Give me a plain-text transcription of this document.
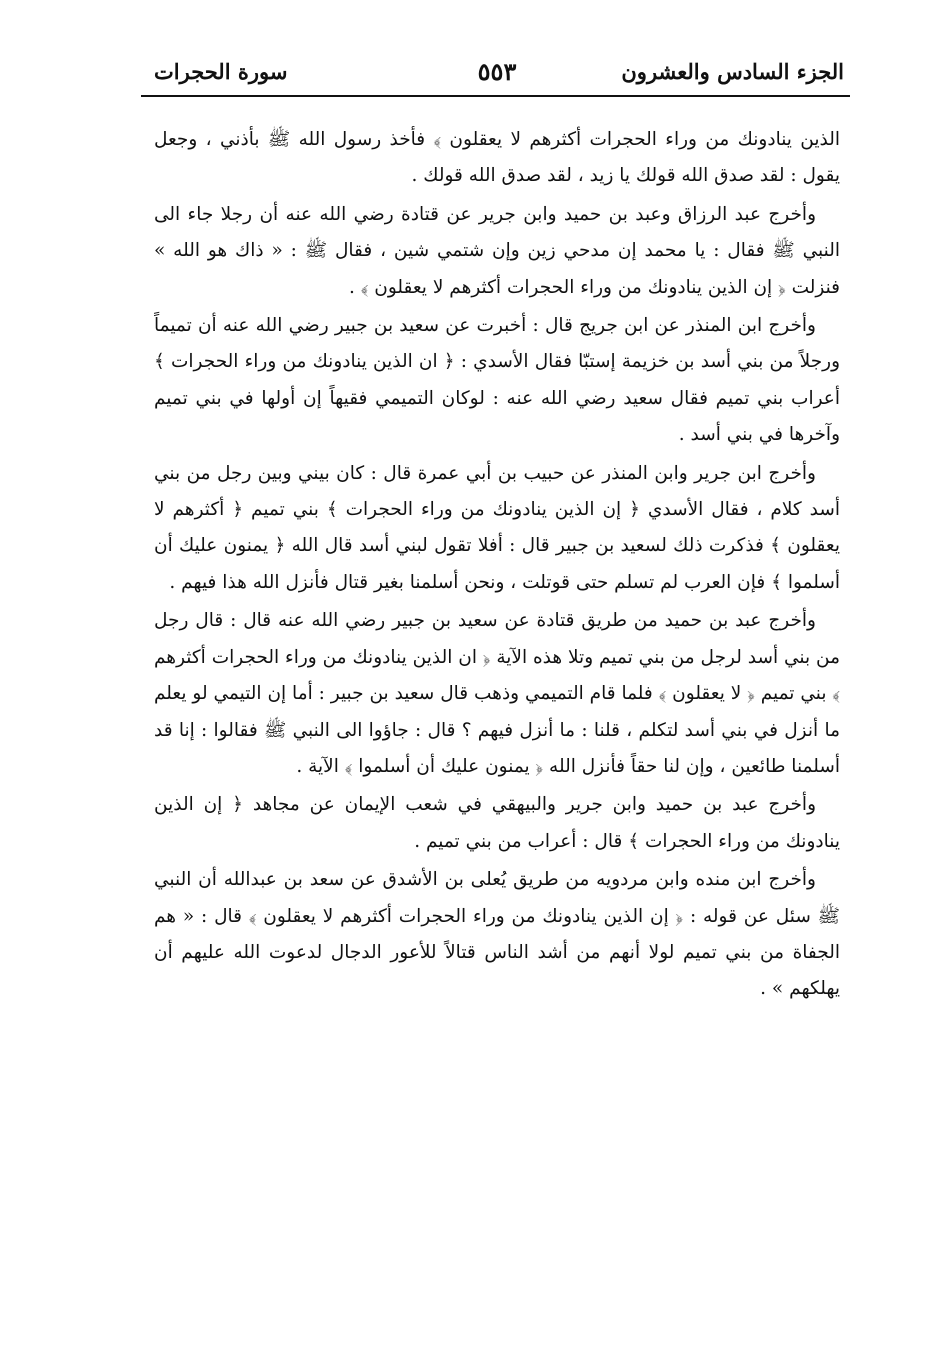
الجزء السادس والعشرون
٥٥٣
سورة الحجرات

الذين ينادونك من وراء الحجرات أكثرهم لا يعقلون ﴾ فأخذ رسول الله ﷺ بأذني ، وجعل يقول : لقد صدق الله قولك يا زيد ، لقد صدق الله قولك .

وأخرج عبد الرزاق وعبد بن حميد وابن جرير عن قتادة رضي الله عنه أن رجلا جاء الى النبي ﷺ فقال : يا محمد إن مدحي زين وإن شتمي شين ، فقال ﷺ : « ذاك هو الله » فنزلت ﴿ إن الذين ينادونك من وراء الحجرات أكثرهم لا يعقلون ﴾ .

وأخرج ابن المنذر عن ابن جريج قال : أخبرت عن سعيد بن جبير رضي الله عنه أن تميماً ورجلاً من بني أسد بن خزيمة إستبّا فقال الأسدي : ﴿ ان الذين ينادونك من وراء الحجرات ﴾ أعراب بني تميم فقال سعيد رضي الله عنه : لوكان التميمي فقيهاً إن أولها في بني تميم وآخرها في بني أسد .

وأخرج ابن جرير وابن المنذر عن حبيب بن أبي عمرة قال : كان بيني وبين رجل من بني أسد كلام ، فقال الأسدي ﴿ إن الذين ينادونك من وراء الحجرات ﴾ بني تميم ﴿ أكثرهم لا يعقلون ﴾ فذكرت ذلك لسعيد بن جبير قال : أفلا تقول لبني أسد قال الله ﴿ يمنون عليك أن أسلموا ﴾ فإن العرب لم تسلم حتى قوتلت ، ونحن أسلمنا بغير قتال فأنزل الله هذا فيهم .

وأخرج عبد بن حميد من طريق قتادة عن سعيد بن جبير رضي الله عنه قال : قال رجل من بني أسد لرجل من بني تميم وتلا هذه الآية ﴿ ان الذين ينادونك من وراء الحجرات أكثرهم ﴾ بني تميم ﴿ لا يعقلون ﴾ فلما قام التميمي وذهب قال سعيد بن جبير : أما إن التيمي لو يعلم ما أنزل في بني أسد لتكلم ، قلنا : ما أنزل فيهم ؟ قال : جاؤوا الى النبي ﷺ فقالوا : إنا قد أسلمنا طائعين ، وإن لنا حقاً فأنزل الله ﴿ يمنون عليك أن أسلموا ﴾ الآية .

وأخرج عبد بن حميد وابن جرير والبيهقي في شعب الإيمان عن مجاهد ﴿ إن الذين ينادونك من وراء الحجرات ﴾ قال : أعراب من بني تميم .

وأخرج ابن منده وابن مردويه من طريق يُعلى بن الأشدق عن سعد بن عبدالله أن النبي ﷺ سئل عن قوله : ﴿ إن الذين ينادونك من وراء الحجرات أكثرهم لا يعقلون ﴾ قال : « هم الجفاة من بني تميم لولا أنهم من أشد الناس قتالاً للأعور الدجال لدعوت الله عليهم أن يهلكهم » .
